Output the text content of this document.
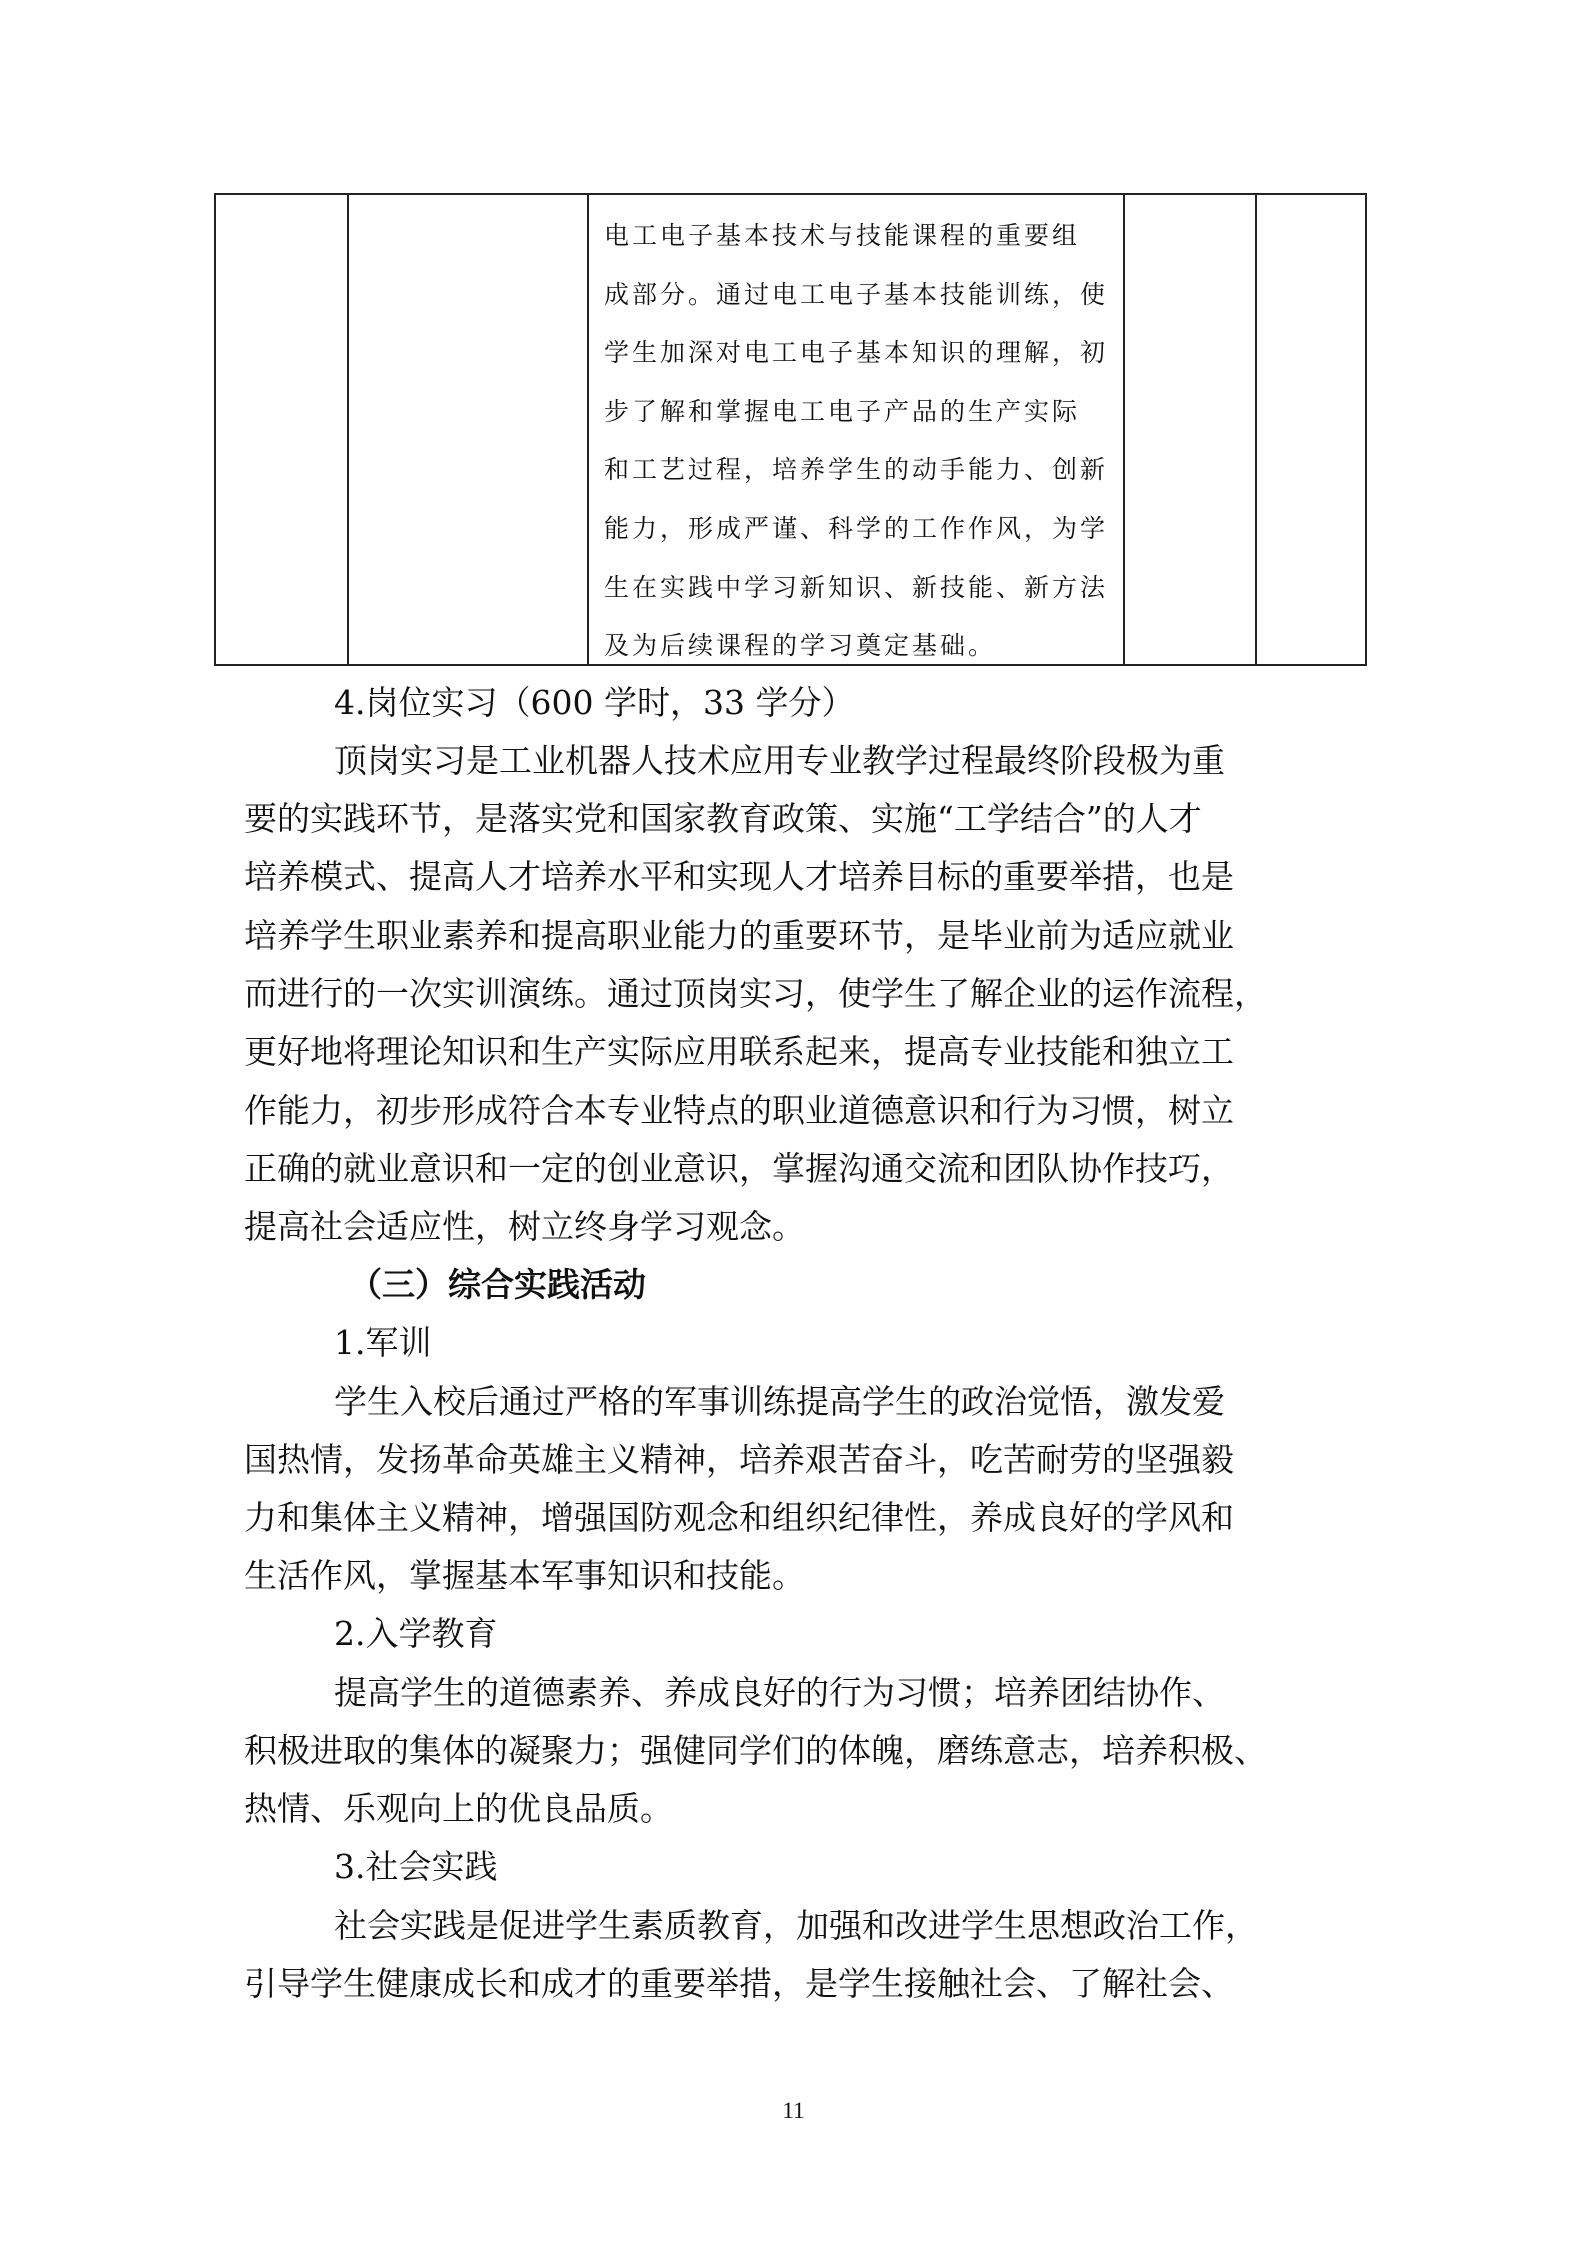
电工电子基本技术与技能课程的重要组
成部分。通过电工电子基本技能训练，使
学生加深对电工电子基本知识的理解，初
步了解和掌握电工电子产品的生产实际
和工艺过程，培养学生的动手能力、创新
能力，形成严谨、科学的工作作风，为学
生在实践中学习新知识、新技能、新方法
及为后续课程的学习奠定基础。
4.岗位实习（600 学时，33 学分）
顶岗实习是工业机器人技术应用专业教学过程最终阶段极为重
要的实践环节，是落实党和国家教育政策、实施“工学结合”的人才
培养模式、提高人才培养水平和实现人才培养目标的重要举措，也是
培养学生职业素养和提高职业能力的重要环节，是毕业前为适应就业
而进行的一次实训演练。通过顶岗实习，使学生了解企业的运作流程，
更好地将理论知识和生产实际应用联系起来，提高专业技能和独立工
作能力，初步形成符合本专业特点的职业道德意识和行为习惯，树立
正确的就业意识和一定的创业意识，掌握沟通交流和团队协作技巧，
提高社会适应性，树立终身学习观念。
（三）综合实践活动
1.军训
学生入校后通过严格的军事训练提高学生的政治觉悟，激发爱
国热情，发扬革命英雄主义精神，培养艰苦奋斗，吃苦耐劳的坚强毅
力和集体主义精神，增强国防观念和组织纪律性，养成良好的学风和
生活作风，掌握基本军事知识和技能。
2.入学教育
提高学生的道德素养、养成良好的行为习惯；培养团结协作、
积极进取的集体的凝聚力；强健同学们的体魄，磨练意志，培养积极、
热情、乐观向上的优良品质。
3.社会实践
社会实践是促进学生素质教育，加强和改进学生思想政治工作，
引导学生健康成长和成才的重要举措，是学生接触社会、了解社会、
11
